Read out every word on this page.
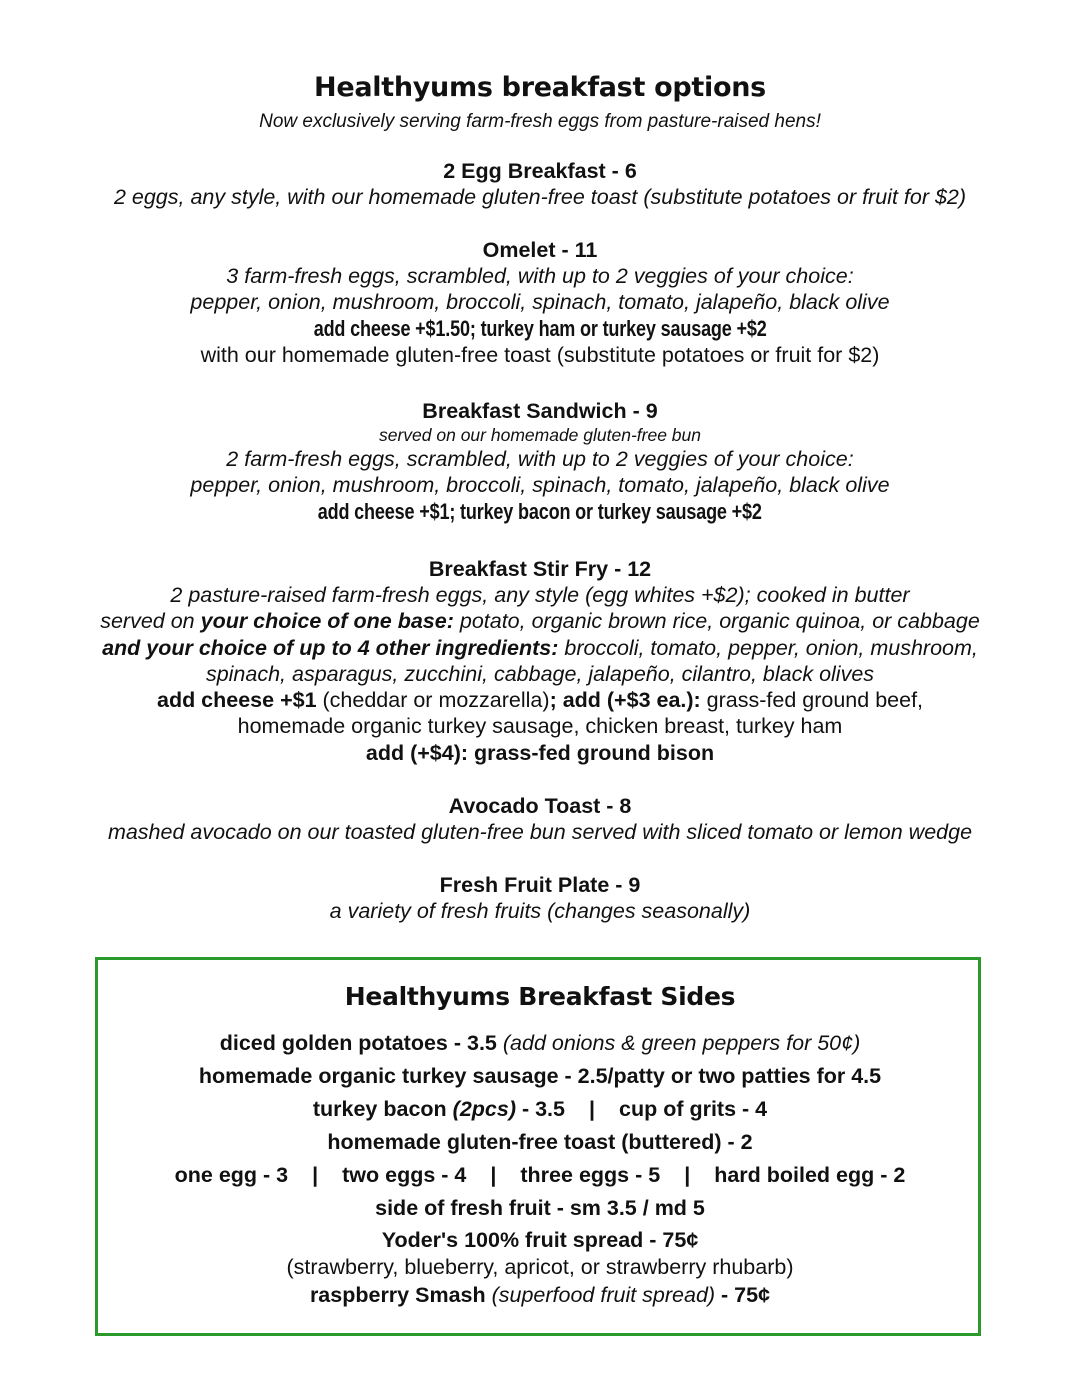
Healthyums breakfast options
Now exclusively serving farm-fresh eggs from pasture-raised hens!
2 Egg Breakfast - 6
2 eggs, any style, with our homemade gluten-free toast (substitute potatoes or fruit for $2)
Omelet - 11
3 farm-fresh eggs, scrambled, with up to 2 veggies of your choice:
pepper, onion, mushroom, broccoli, spinach, tomato, jalapeño, black olive
add cheese +$1.50; turkey ham or turkey sausage +$2
with our homemade gluten-free toast (substitute potatoes or fruit for $2)
Breakfast Sandwich - 9
served on our homemade gluten-free bun
2 farm-fresh eggs, scrambled, with up to 2 veggies of your choice:
pepper, onion, mushroom, broccoli, spinach, tomato, jalapeño, black olive
add cheese +$1; turkey bacon or turkey sausage +$2
Breakfast Stir Fry - 12
2 pasture-raised farm-fresh eggs, any style (egg whites +$2); cooked in butter
served on your choice of one base: potato, organic brown rice, organic quinoa, or cabbage
and your choice of up to 4 other ingredients: broccoli, tomato, pepper, onion, mushroom,
spinach, asparagus, zucchini, cabbage, jalapeño, cilantro, black olives
add cheese +$1 (cheddar or mozzarella); add (+$3 ea.): grass-fed ground beef,
homemade organic turkey sausage, chicken breast, turkey ham
add (+$4): grass-fed ground bison
Avocado Toast - 8
mashed avocado on our toasted gluten-free bun served with sliced tomato or lemon wedge
Fresh Fruit Plate - 9
a variety of fresh fruits (changes seasonally)
Healthyums Breakfast Sides
diced golden potatoes - 3.5 (add onions & green peppers for 50¢)
homemade organic turkey sausage - 2.5/patty or two patties for 4.5
turkey bacon (2pcs) - 3.5 | cup of grits - 4
homemade gluten-free toast (buttered) - 2
one egg - 3 | two eggs - 4 | three eggs - 5 | hard boiled egg - 2
side of fresh fruit - sm 3.5 / md 5
Yoder's 100% fruit spread - 75¢
(strawberry, blueberry, apricot, or strawberry rhubarb)
raspberry Smash (superfood fruit spread) - 75¢
